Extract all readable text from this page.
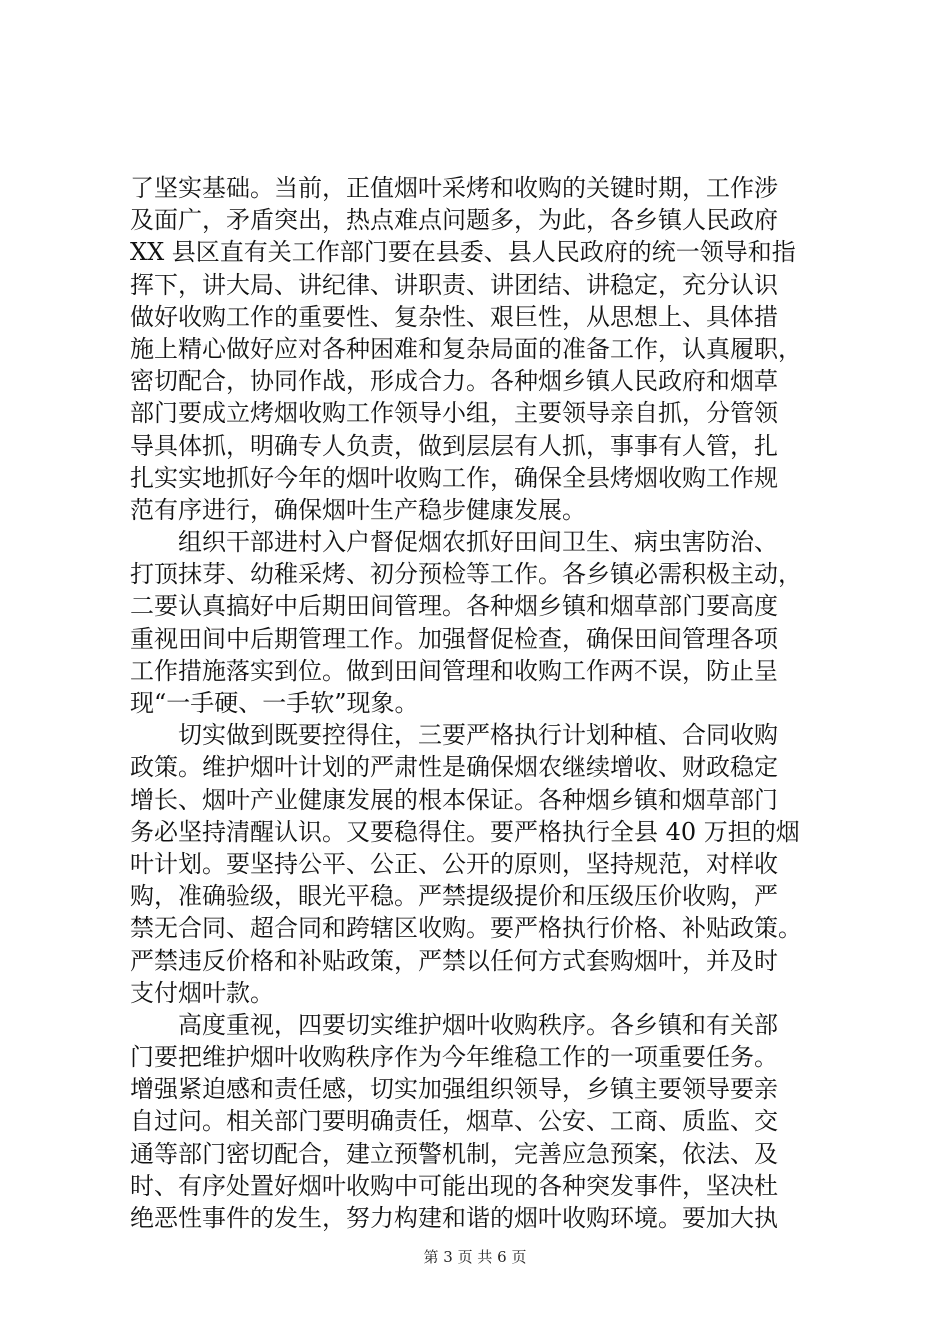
了坚实基础。当前，正值烟叶采烤和收购的关键时期，工作涉
及面广，矛盾突出，热点难点问题多，为此，各乡镇人民政府
XX 县区直有关工作部门要在县委、县人民政府的统一领导和指
挥下，讲大局、讲纪律、讲职责、讲团结、讲稳定，充分认识
做好收购工作的重要性、复杂性、艰巨性，从思想上、具体措
施上精心做好应对各种困难和复杂局面的准备工作，认真履职，
密切配合，协同作战，形成合力。各种烟乡镇人民政府和烟草
部门要成立烤烟收购工作领导小组，主要领导亲自抓，分管领
导具体抓，明确专人负责，做到层层有人抓，事事有人管，扎
扎实实地抓好今年的烟叶收购工作，确保全县烤烟收购工作规
范有序进行，确保烟叶生产稳步健康发展。
　　组织干部进村入户督促烟农抓好田间卫生、病虫害防治、
打顶抹芽、幼稚采烤、初分预检等工作。各乡镇必需积极主动，
二要认真搞好中后期田间管理。各种烟乡镇和烟草部门要高度
重视田间中后期管理工作。加强督促检查，确保田间管理各项
工作措施落实到位。做到田间管理和收购工作两不误，防止呈
现“一手硬、一手软”现象。
　　切实做到既要控得住，三要严格执行计划种植、合同收购
政策。维护烟叶计划的严肃性是确保烟农继续增收、财政稳定
增长、烟叶产业健康发展的根本保证。各种烟乡镇和烟草部门
务必坚持清醒认识。又要稳得住。要严格执行全县 40 万担的烟
叶计划。要坚持公平、公正、公开的原则，坚持规范，对样收
购，准确验级，眼光平稳。严禁提级提价和压级压价收购，严
禁无合同、超合同和跨辖区收购。要严格执行价格、补贴政策。
严禁违反价格和补贴政策，严禁以任何方式套购烟叶，并及时
支付烟叶款。
　　高度重视，四要切实维护烟叶收购秩序。各乡镇和有关部
门要把维护烟叶收购秩序作为今年维稳工作的一项重要任务。
增强紧迫感和责任感，切实加强组织领导，乡镇主要领导要亲
自过问。相关部门要明确责任，烟草、公安、工商、质监、交
通等部门密切配合，建立预警机制，完善应急预案，依法、及
时、有序处置好烟叶收购中可能出现的各种突发事件，坚决杜
绝恶性事件的发生，努力构建和谐的烟叶收购环境。要加大执
第 3 页 共 6 页
